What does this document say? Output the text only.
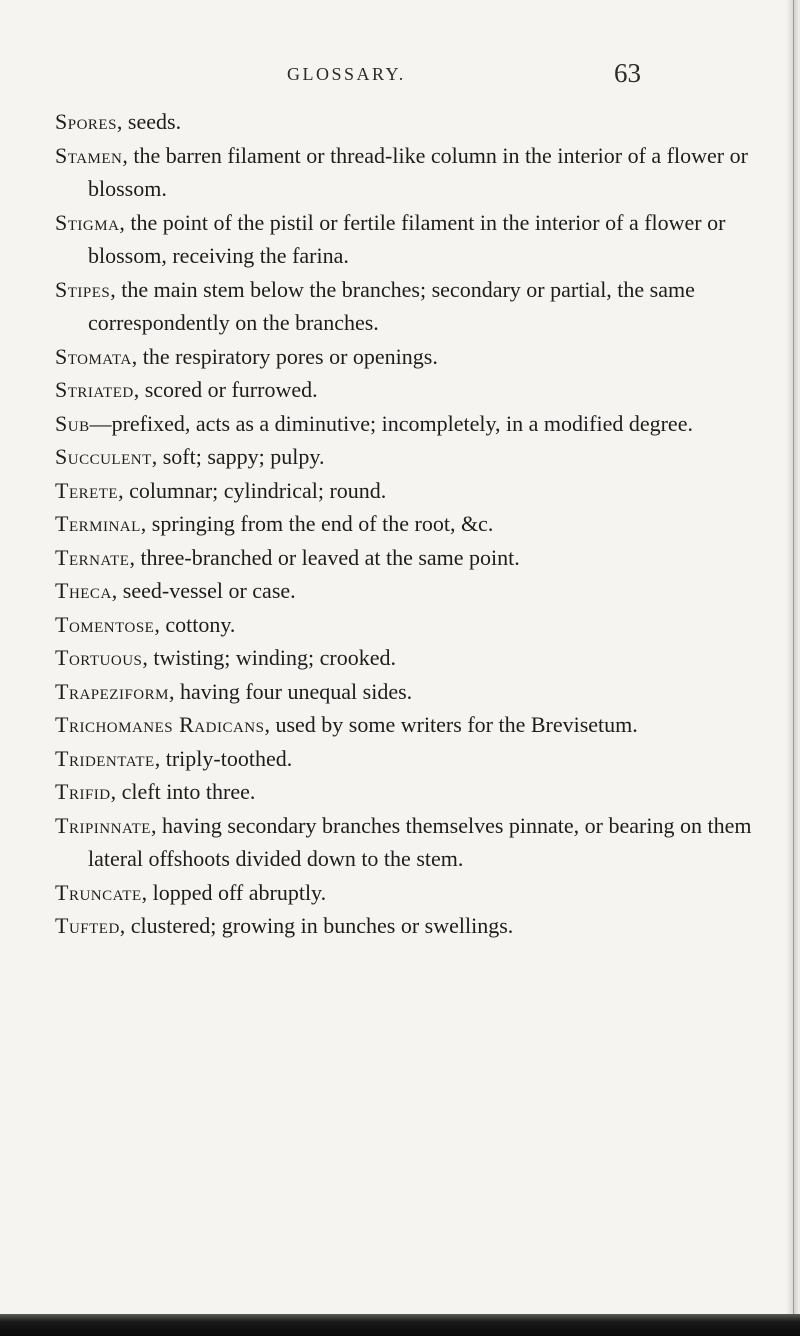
GLOSSARY.	63

Spores, seeds.

Stamen, the barren filament or thread-like column in the interior of a flower or blossom.

Stigma, the point of the pistil or fertile filament in the interior of a flower or blossom, receiving the farina.

Stipes, the main stem below the branches; secondary or partial, the same correspondently on the branches.

Stomata, the respiratory pores or openings.

Striated, scored or furrowed.

Sub—prefixed, acts as a diminutive; incompletely, in a modified degree.

Succulent, soft; sappy; pulpy.

Terete, columnar; cylindrical; round.

Terminal, springing from the end of the root, &c.

Ternate, three-branched or leaved at the same point.

Theca, seed-vessel or case.

Tomentose, cottony.

Tortuous, twisting; winding; crooked.

Trapeziform, having four unequal sides.

Trichomanes Radicans, used by some writers for the Brevisetum.

Tridentate, triply-toothed.

Trifid, cleft into three.

Tripinnate, having secondary branches themselves pinnate, or bearing on them lateral offshoots divided down to the stem.

Truncate, lopped off abruptly.

Tufted, clustered; growing in bunches or swellings.
